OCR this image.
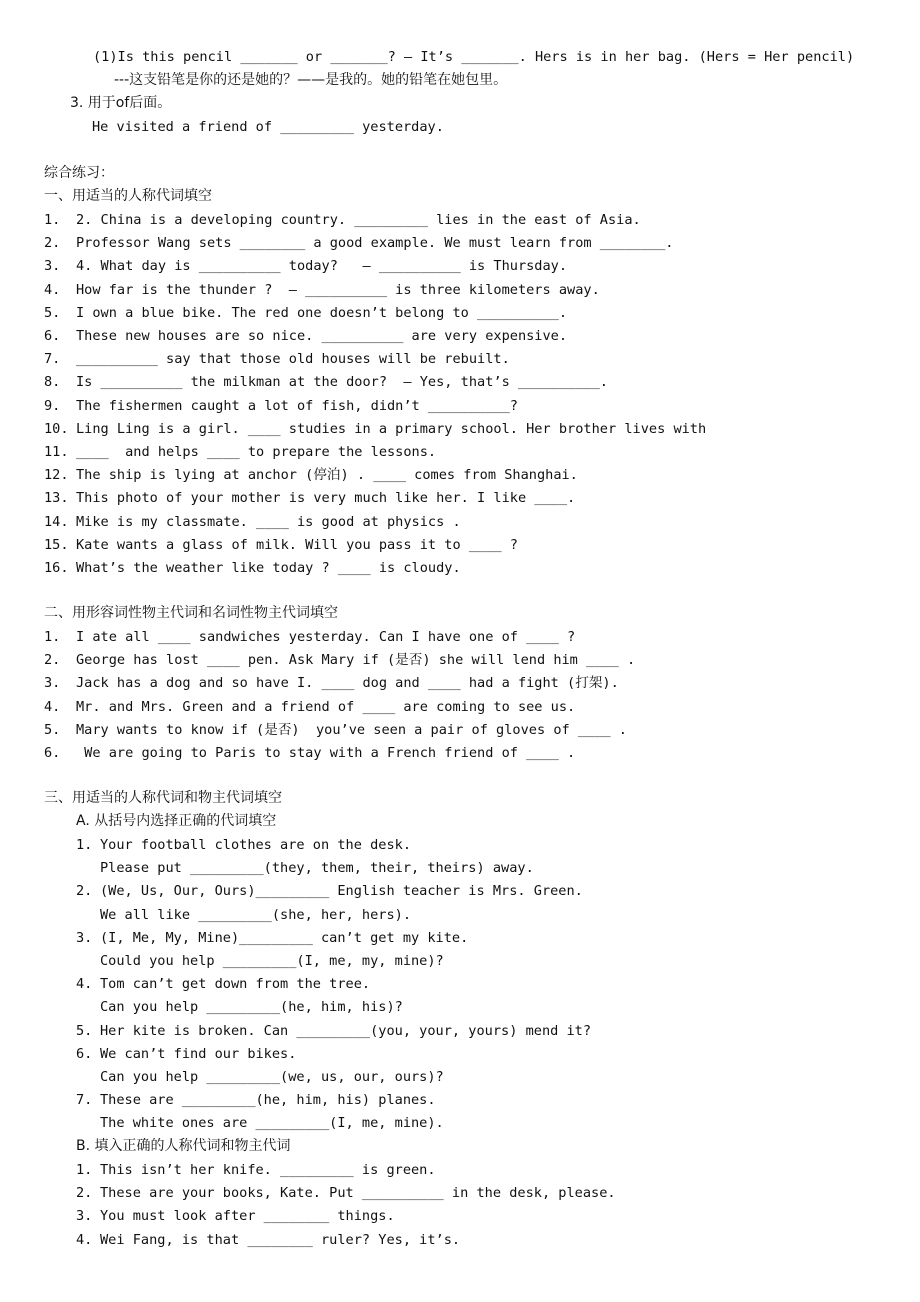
(1)Is this pencil _______ or _______? — It’s _______. Hers is in her bag. (Hers = Her pencil)
---这支铅笔是你的还是她的？——是我的。她的铅笔在她包里。
3. 用于of后面。
He visited a friend of _________ yesterday.
综合练习：
一、用适当的人称代词填空
1. 2. China is a developing country. _________ lies in the east of Asia.
2. Professor Wang sets ________ a good example. We must learn from ________.
3. 4. What day is __________ today?   — __________ is Thursday.
4. How far is the thunder ?  — __________ is three kilometers away.
5. I own a blue bike. The red one doesn’t belong to __________.
6. These new houses are so nice. __________ are very expensive.
7. __________ say that those old houses will be rebuilt.
8. Is __________ the milkman at the door?  — Yes, that’s __________.
9. The fishermen caught a lot of fish, didn’t __________?
10. Ling Ling is a girl. ____ studies in a primary school. Her brother lives with
11. ____  and helps ____ to prepare the lessons.
12. The ship is lying at anchor (停泊) . ____ comes from Shanghai.
13. This photo of your mother is very much like her. I like ____.
14. Mike is my classmate. ____ is good at physics .
15. Kate wants a glass of milk. Will you pass it to ____ ?
16. What’s the weather like today ? ____ is cloudy.
二、用形容词性物主代词和名词性物主代词填空
1. I ate all ____ sandwiches yesterday. Can I have one of ____ ?
2. George has lost ____ pen. Ask Mary if (是否) she will lend him ____ .
3. Jack has a dog and so have I. ____ dog and ____ had a fight (打架).
4. Mr. and Mrs. Green and a friend of ____ are coming to see us.
5. Mary wants to know if (是否)  you’ve seen a pair of gloves of ____ .
6. We are going to Paris to stay with a French friend of ____ .
三、用适当的人称代词和物主代词填空
A. 从括号内选择正确的代词填空
1. Your football clothes are on the desk.
Please put _________(they, them, their, theirs) away.
2. (We, Us, Our, Ours)_________ English teacher is Mrs. Green.
We all like _________(she, her, hers).
3. (I, Me, My, Mine)_________ can’t get my kite.
Could you help _________(I, me, my, mine)?
4. Tom can’t get down from the tree.
Can you help _________(he, him, his)?
5. Her kite is broken. Can _________(you, your, yours) mend it?
6. We can’t find our bikes.
Can you help _________(we, us, our, ours)?
7. These are _________(he, him, his) planes.
The white ones are _________(I, me, mine).
B. 填入正确的人称代词和物主代词
1. This isn’t her knife. _________ is green.
2. These are your books, Kate. Put __________ in the desk, please.
3. You must look after ________ things.
4. Wei Fang, is that ________ ruler? Yes, it’s.
